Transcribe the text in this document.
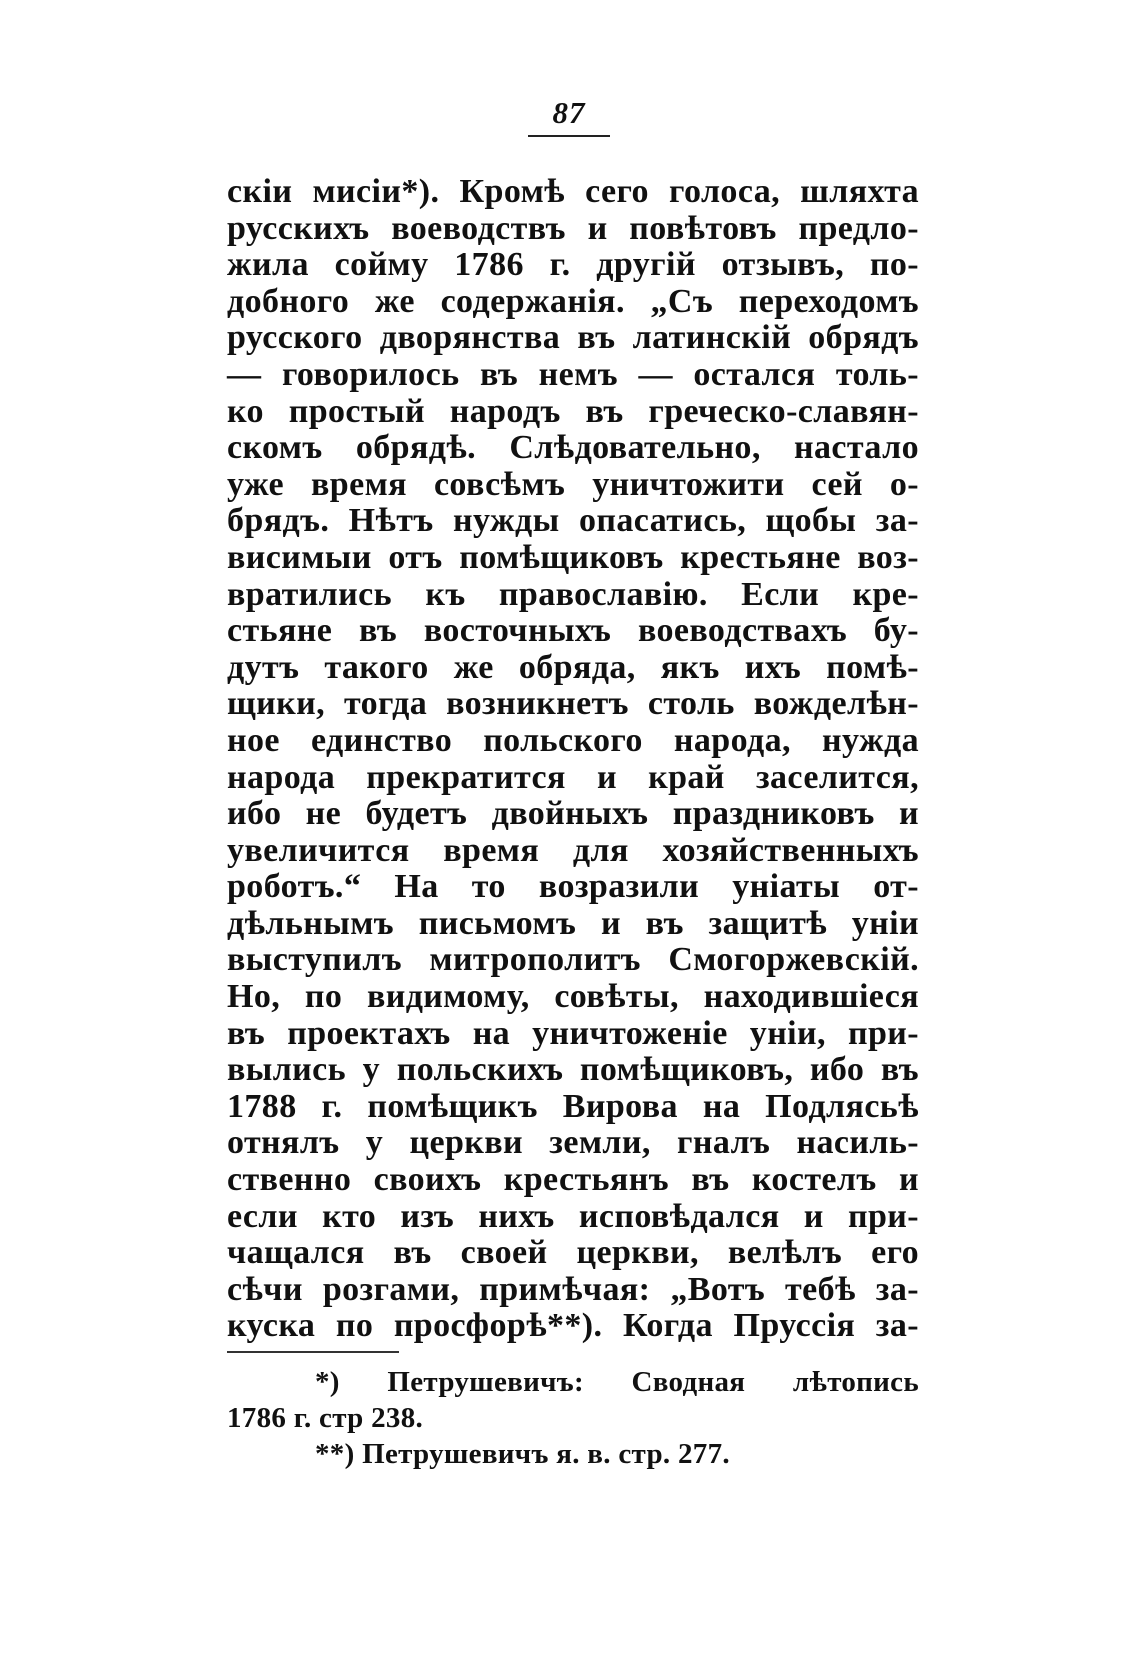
87
скіи мисіи*). Кромѣ сего голоса, шляхта
русскихъ воеводствъ и повѣтовъ предло-
жила сойму 1786 г. другій отзывъ, по-
добного же содержанія. „Съ переходомъ
русского дворянства въ латинскій обрядъ
— говорилось въ немъ — остался толь-
ко простый народъ въ греческо-славян-
скомъ обрядѣ. Слѣдовательно, настало
уже время совсѣмъ уничтожити сей о-
брядъ. Нѣтъ нужды опасатись, щобы за-
висимыи отъ помѣщиковъ крестьяне воз-
вратились къ православію. Если кре-
стьяне въ восточныхъ воеводствахъ бу-
дутъ такого же обряда, якъ ихъ помѣ-
щики, тогда возникнетъ столь вожделѣн-
ное единство польского народа, нужда
народа прекратится и край заселится,
ибо не будетъ двойныхъ праздниковъ и
увеличится время для хозяйственныхъ
роботъ.“ На то возразили уніаты от-
дѣльнымъ письмомъ и въ защитѣ уніи
выступилъ митрополитъ Смогоржевскій.
Но, по видимому, совѣты, находившіеся
въ проектахъ на уничтоженіе уніи, при-
вылись у польскихъ помѣщиковъ, ибо въ
1788 г. помѣщикъ Вирова на Подлясьѣ
отнялъ у церкви земли, гналъ насиль-
ственно своихъ крестьянъ въ костелъ и
если кто изъ нихъ исповѣдался и при-
чащался въ своей церкви, велѣлъ его
сѣчи розгами, примѣчая: „Вотъ тебѣ за-
куска по просфорѣ**). Когда Пруссія за-
*) Петрушевичъ: Сводная лѣтопись
1786 г. стр 238.
**) Петрушевичъ я. в. стр. 277.
